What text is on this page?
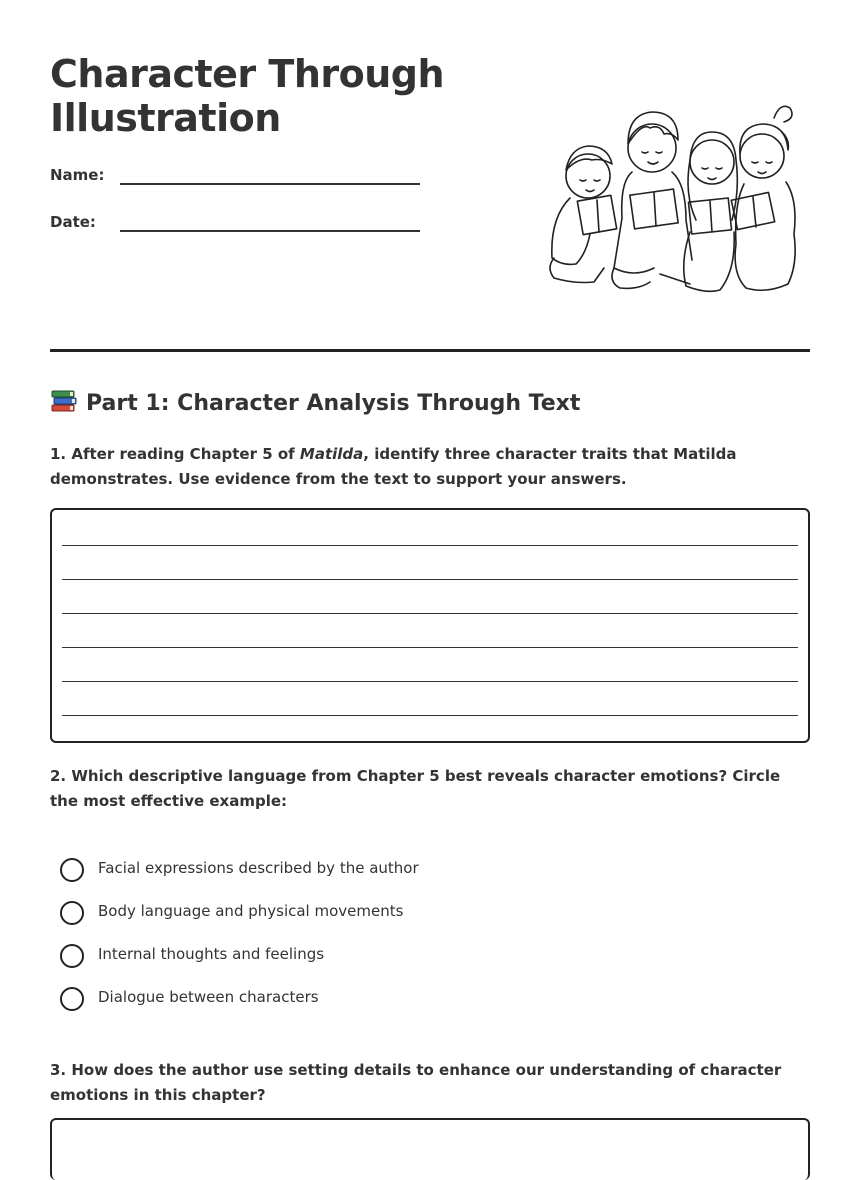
Character Through Illustration
Name:
Date:
Part 1: Character Analysis Through Text

1. After reading Chapter 5 of Matilda, identify three character traits that Matilda demonstrates. Use evidence from the text to support your answers.

2. Which descriptive language from Chapter 5 best reveals character emotions? Circle the most effective example:

Facial expressions described by the author
Body language and physical movements
Internal thoughts and feelings
Dialogue between characters

3. How does the author use setting details to enhance our understanding of character emotions in this chapter?
